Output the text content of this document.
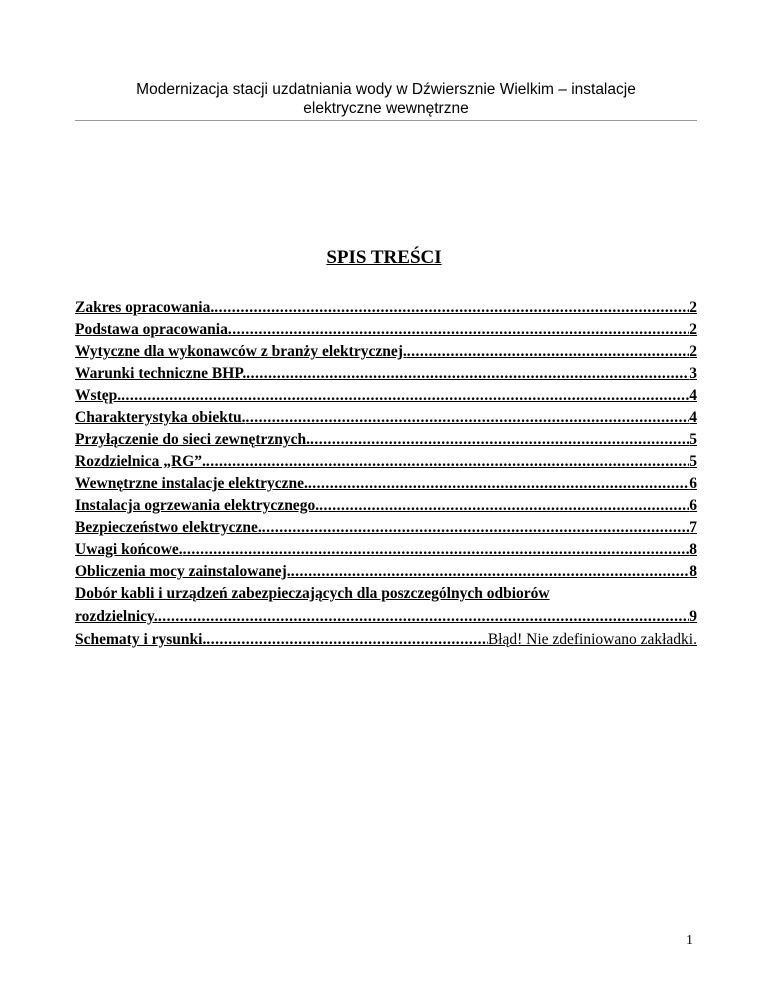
Modernizacja stacji uzdatniania wody w Dźwiersznie Wielkim – instalacje
elektryczne wewnętrzne
SPIS TREŚCI
Zakres opracowania. .....	2
Podstawa opracowania .....	2
Wytyczne dla wykonawców z branży elektrycznej. .....	2
Warunki techniczne BHP. .....	3
Wstęp. .....	4
Charakterystyka obiektu. .....	4
Przyłączenie do sieci zewnętrznych. .....	5
Rozdzielnica „RG”. .....	5
Wewnętrzne instalacje elektryczne. .....	6
Instalacja ogrzewania elektrycznego. .....	6
Bezpieczeństwo elektryczne. .....	7
Uwagi końcowe. .....	8
Obliczenia mocy zainstalowanej. .....	8
Dobór kabli i urządzeń zabezpieczających dla poszczególnych odbiorów
rozdzielnicy. .....	9
Schematy i rysunki. .....	Błąd! Nie zdefiniowano zakładki.
1
